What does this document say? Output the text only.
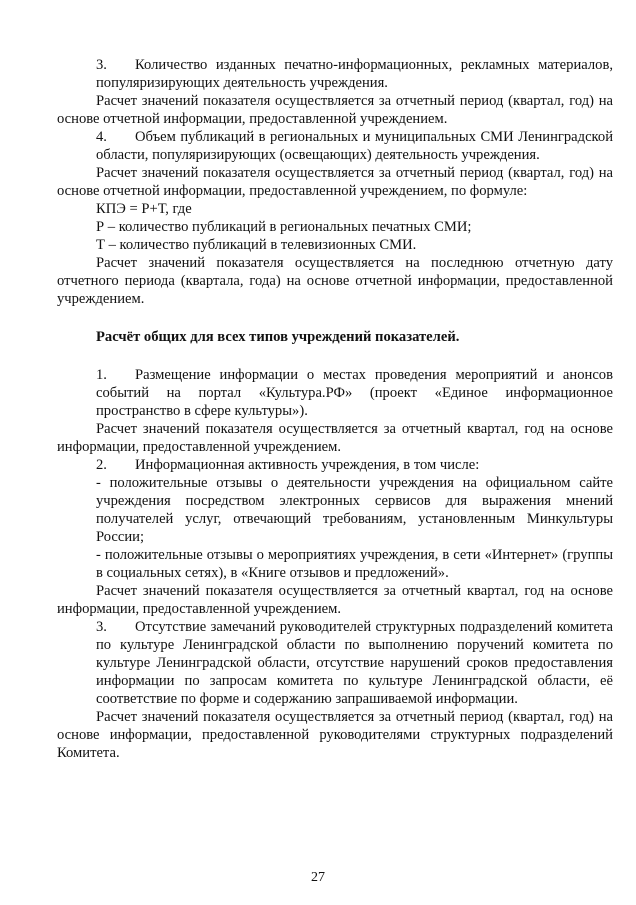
3. Количество изданных печатно-информационных, рекламных материалов, популяризирующих деятельность учреждения.

Расчет значений показателя осуществляется за отчетный период (квартал, год) на основе отчетной информации, предоставленной учреждением.

4. Объем публикаций в региональных и муниципальных СМИ Ленинградской области, популяризирующих (освещающих) деятельность учреждения.

Расчет значений показателя осуществляется за отчетный период (квартал, год) на основе отчетной информации, предоставленной учреждением, по формуле:

КПЭ = Р+Т, где

Р – количество публикаций в региональных печатных СМИ;

Т – количество публикаций в телевизионных СМИ.

Расчет значений показателя осуществляется на последнюю отчетную дату отчетного периода (квартала, года) на основе отчетной информации, предоставленной учреждением.

Расчёт общих для всех типов учреждений показателей.

1. Размещение информации о местах проведения мероприятий и анонсов событий на портал «Культура.РФ» (проект «Единое информационное пространство в сфере культуры»).

Расчет значений показателя осуществляется за отчетный квартал, год на основе информации, предоставленной учреждением.

2. Информационная активность учреждения, в том числе:

- положительные отзывы о деятельности учреждения на официальном сайте учреждения посредством электронных сервисов для выражения мнений получателей услуг, отвечающий требованиям, установленным Минкультуры России;

- положительные отзывы о мероприятиях учреждения, в сети «Интернет» (группы в социальных сетях), в «Книге отзывов и предложений».

Расчет значений показателя осуществляется за отчетный квартал, год на основе информации, предоставленной учреждением.

3. Отсутствие замечаний руководителей структурных подразделений комитета по культуре Ленинградской области по выполнению поручений комитета по культуре Ленинградской области, отсутствие нарушений сроков предоставления информации по запросам комитета по культуре Ленинградской области, её соответствие по форме и содержанию запрашиваемой информации.

Расчет значений показателя осуществляется за отчетный период (квартал, год) на основе информации, предоставленной руководителями структурных подразделений Комитета.

27
